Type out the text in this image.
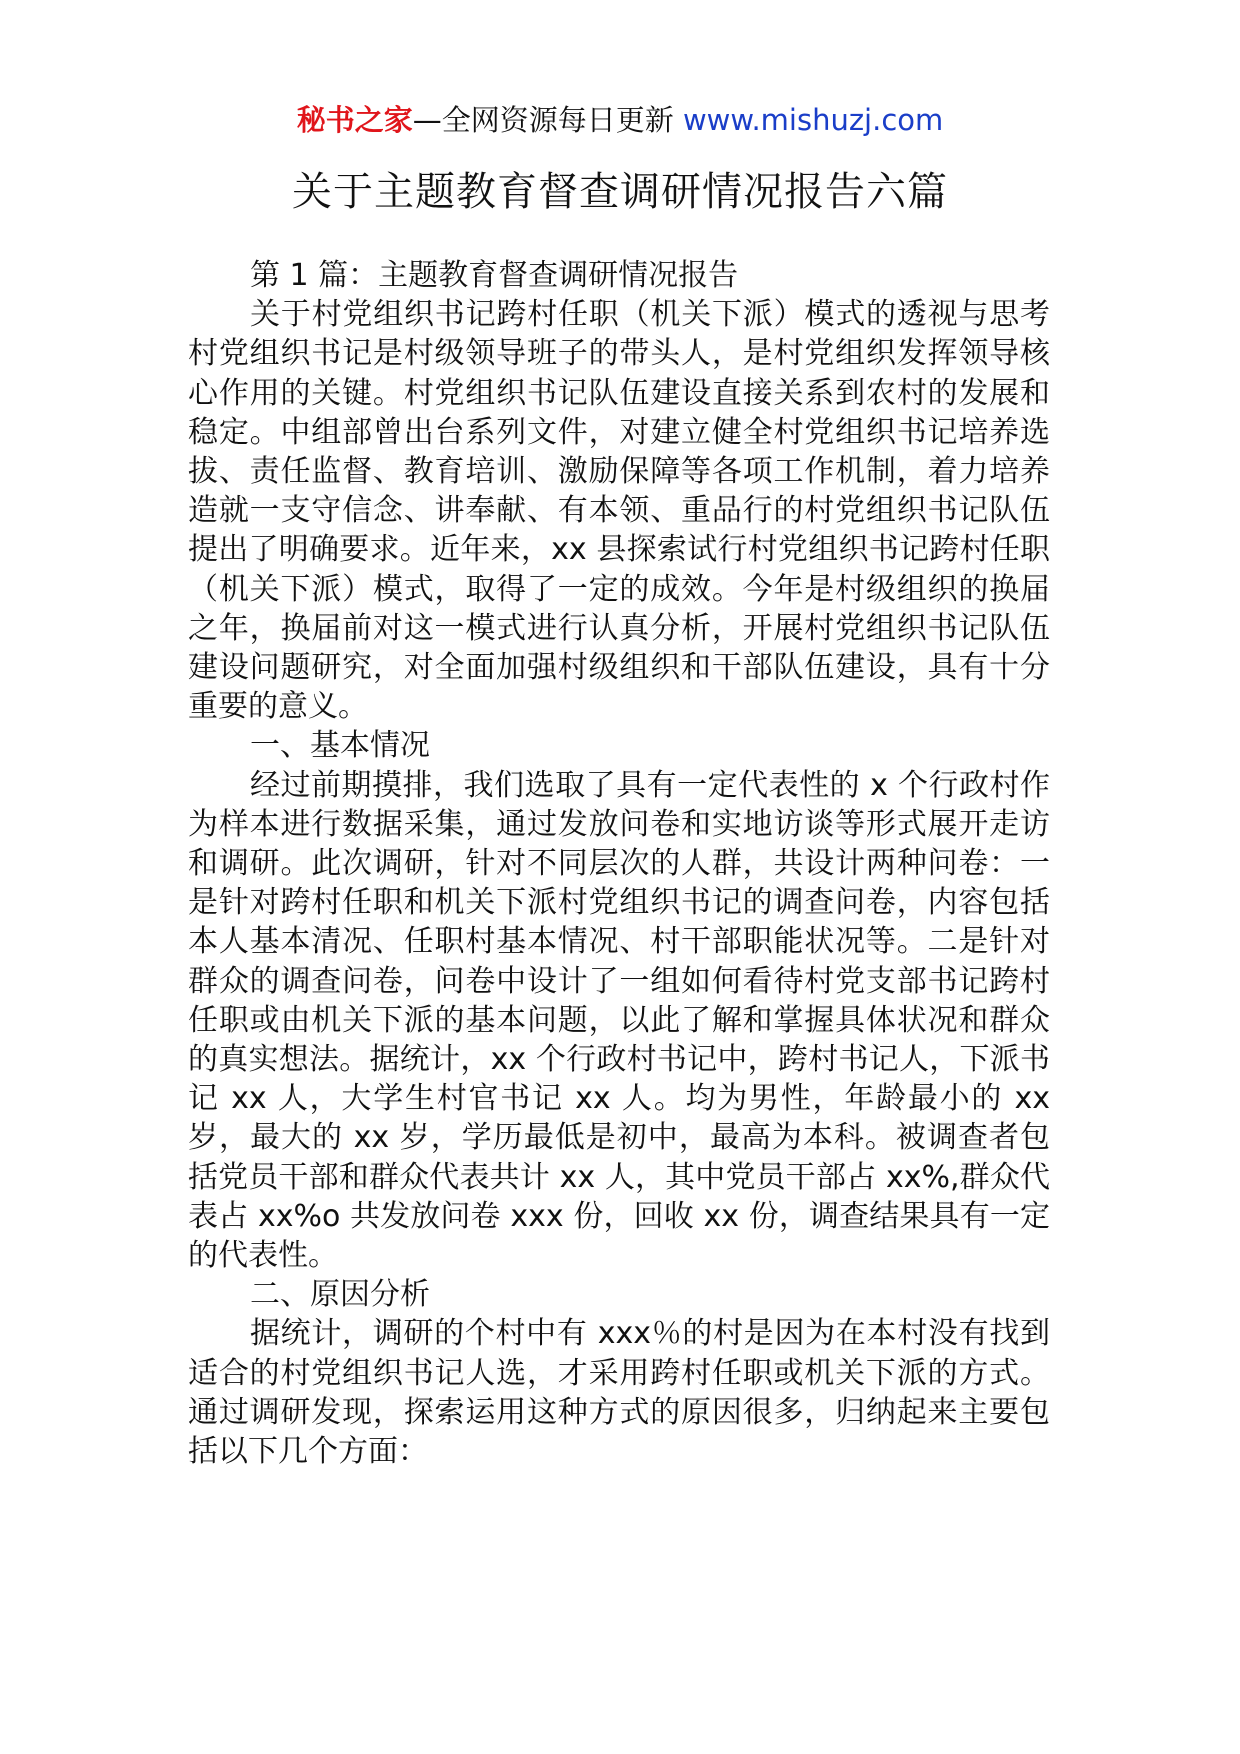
秘书之家—全网资源每日更新 www.mishuzj.com
关于主题教育督查调研情况报告六篇

第 1 篇：主题教育督查调研情况报告

关于村党组织书记跨村任职（机关下派）模式的透视与思考村党组织书记是村级领导班子的带头人，是村党组织发挥领导核心作用的关键。村党组织书记队伍建设直接关系到农村的发展和稳定。中组部曾出台系列文件，对建立健全村党组织书记培养选拔、责任监督、教育培训、激励保障等各项工作机制，着力培养造就一支守信念、讲奉献、有本领、重品行的村党组织书记队伍提出了明确要求。近年来，xx 县探索试行村党组织书记跨村任职（机关下派）模式，取得了一定的成效。今年是村级组织的换届之年，换届前对这一模式进行认真分析，开展村党组织书记队伍建设问题研究，对全面加强村级组织和干部队伍建设，具有十分重要的意义。

一、基本情况

经过前期摸排，我们选取了具有一定代表性的 x 个行政村作为样本进行数据采集，通过发放问卷和实地访谈等形式展开走访和调研。此次调研，针对不同层次的人群，共设计两种问卷：一是针对跨村任职和机关下派村党组织书记的调查问卷，内容包括本人基本清况、任职村基本情况、村干部职能状况等。二是针对群众的调查问卷，问卷中设计了一组如何看待村党支部书记跨村任职或由机关下派的基本问题，以此了解和掌握具体状况和群众的真实想法。据统计，xx 个行政村书记中，跨村书记人，下派书记 xx 人，大学生村官书记 xx 人。均为男性，年龄最小的 xx 岁，最大的 xx 岁，学历最低是初中，最高为本科。被调查者包括党员干部和群众代表共计 xx 人，其中党员干部占 xx%,群众代表占 xx%o 共发放问卷 xxx 份，回收 xx 份，调查结果具有一定的代表性。

二、原因分析

据统计，调研的个村中有 xxx％的村是因为在本村没有找到适合的村党组织书记人选，才采用跨村任职或机关下派的方式。通过调研发现，探索运用这种方式的原因很多，归纳起来主要包括以下几个方面：
